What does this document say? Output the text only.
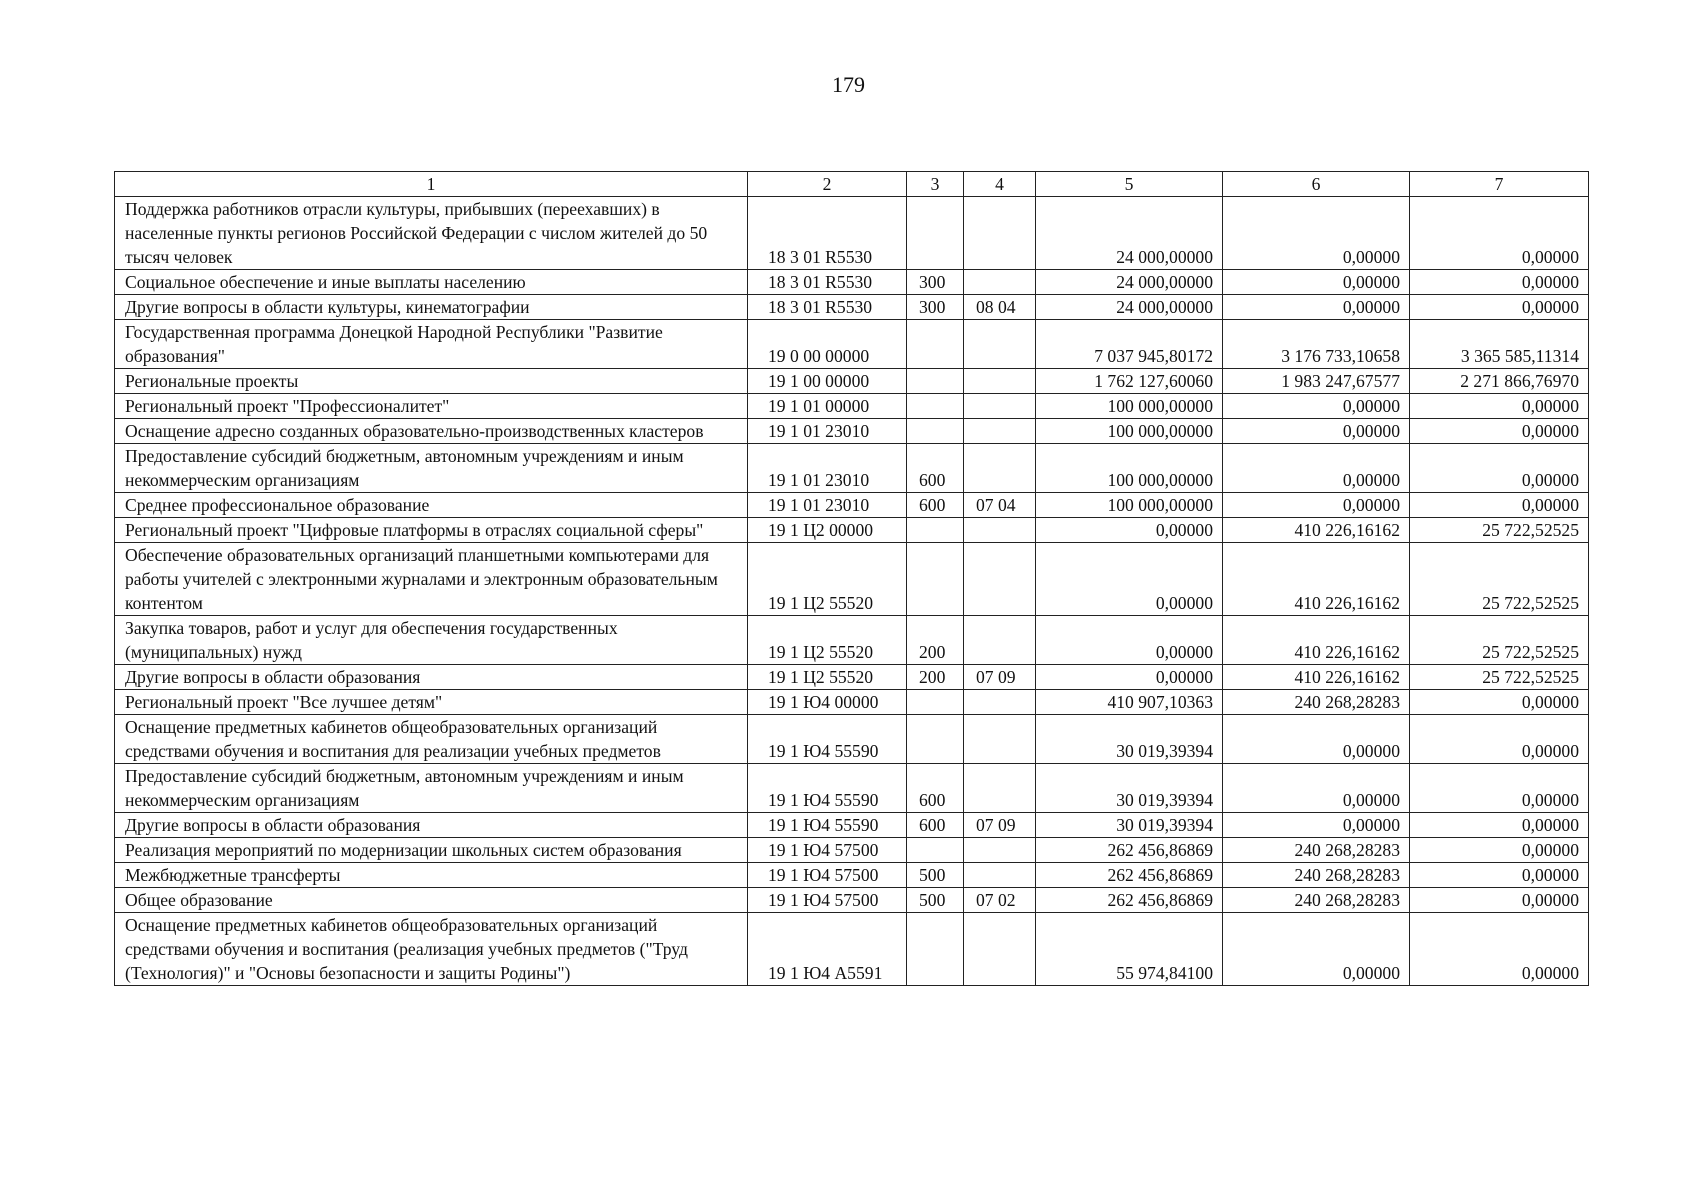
179
1	2	3	4	5	6	7
Поддержка работников отрасли культуры, прибывших (переехавших) в населенные пункты регионов Российской Федерации с числом жителей до 50 тысяч человек	18 3 01 R5530			24 000,00000	0,00000	0,00000
Социальное обеспечение и иные выплаты населению	18 3 01 R5530	300		24 000,00000	0,00000	0,00000
Другие вопросы в области культуры, кинематографии	18 3 01 R5530	300	08 04	24 000,00000	0,00000	0,00000
Государственная программа Донецкой Народной Республики "Развитие образования"	19 0 00 00000			7 037 945,80172	3 176 733,10658	3 365 585,11314
Региональные проекты	19 1 00 00000			1 762 127,60060	1 983 247,67577	2 271 866,76970
Региональный проект "Профессионалитет"	19 1 01 00000			100 000,00000	0,00000	0,00000
Оснащение адресно созданных образовательно-производственных кластеров	19 1 01 23010			100 000,00000	0,00000	0,00000
Предоставление субсидий бюджетным, автономным учреждениям и иным некоммерческим организациям	19 1 01 23010	600		100 000,00000	0,00000	0,00000
Среднее профессиональное образование	19 1 01 23010	600	07 04	100 000,00000	0,00000	0,00000
Региональный проект "Цифровые платформы в отраслях социальной сферы"	19 1 Ц2 00000			0,00000	410 226,16162	25 722,52525
Обеспечение образовательных организаций планшетными компьютерами для работы учителей с электронными журналами и электронным образовательным контентом	19 1 Ц2 55520			0,00000	410 226,16162	25 722,52525
Закупка товаров, работ и услуг для обеспечения государственных (муниципальных) нужд	19 1 Ц2 55520	200		0,00000	410 226,16162	25 722,52525
Другие вопросы в области образования	19 1 Ц2 55520	200	07 09	0,00000	410 226,16162	25 722,52525
Региональный проект "Все лучшее детям"	19 1 Ю4 00000			410 907,10363	240 268,28283	0,00000
Оснащение предметных кабинетов общеобразовательных организаций средствами обучения и воспитания для реализации учебных предметов	19 1 Ю4 55590			30 019,39394	0,00000	0,00000
Предоставление субсидий бюджетным, автономным учреждениям и иным некоммерческим организациям	19 1 Ю4 55590	600		30 019,39394	0,00000	0,00000
Другие вопросы в области образования	19 1 Ю4 55590	600	07 09	30 019,39394	0,00000	0,00000
Реализация мероприятий по модернизации школьных систем образования	19 1 Ю4 57500			262 456,86869	240 268,28283	0,00000
Межбюджетные трансферты	19 1 Ю4 57500	500		262 456,86869	240 268,28283	0,00000
Общее образование	19 1 Ю4 57500	500	07 02	262 456,86869	240 268,28283	0,00000
Оснащение предметных кабинетов общеобразовательных организаций средствами обучения и воспитания (реализация учебных предметов ("Труд (Технология)" и "Основы безопасности и защиты Родины")	19 1 Ю4 А5591			55 974,84100	0,00000	0,00000
